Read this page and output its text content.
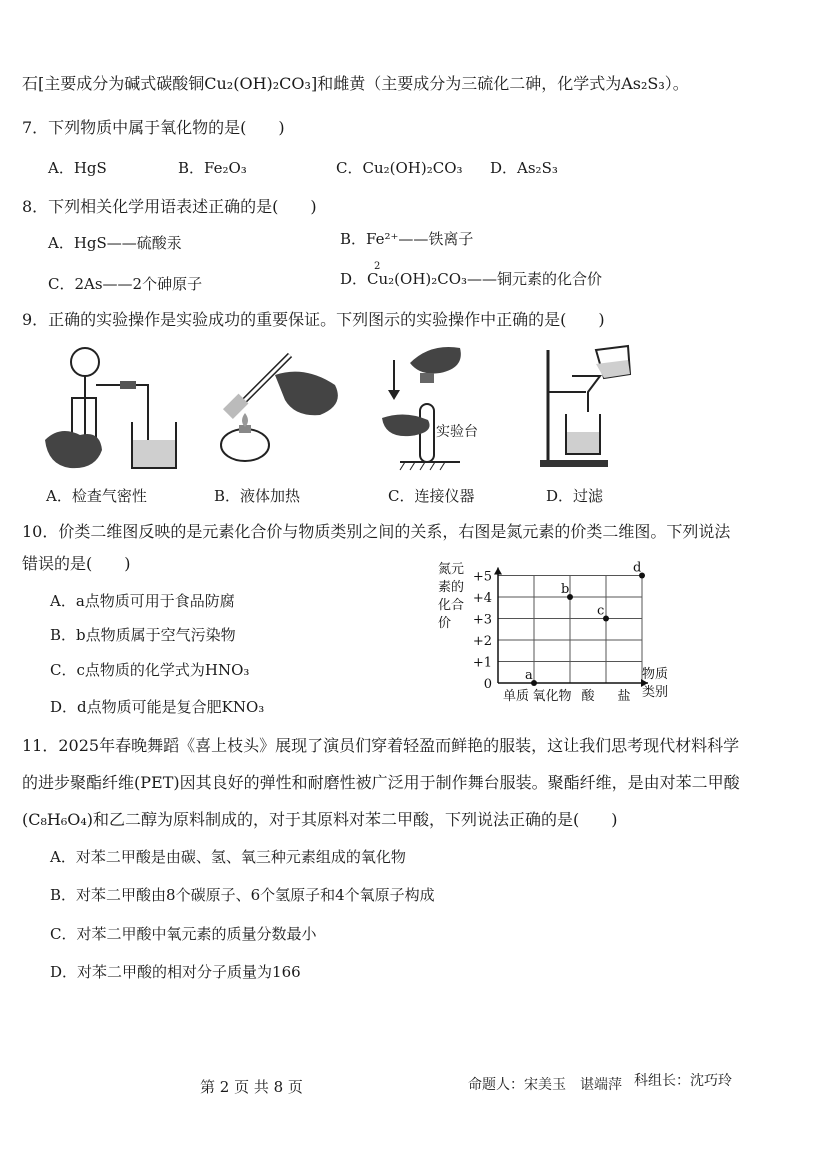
石[主要成分为碱式碳酸铜Cu₂(OH)₂CO₃]和雌黄（主要成分为三硫化二砷，化学式为As₂S₃）。
7．下列物质中属于氧化物的是(　　)
A．HgS	B．Fe₂O₃	C．Cu₂(OH)₂CO₃ D．As₂S₃
8．下列相关化学用语表述正确的是(　　)
A．HgS——硫酸汞	B．Fe²⁺——铁离子
C．2As——2个砷原子
2
D．Cu₂(OH)₂CO₃——铜元素的化合价
9．正确的实验操作是实验成功的重要保证。下列图示的实验操作中正确的是(　　)
A．检查气密性	B．液体加热
实验台
C．连接仪器	D．过滤
10．价类二维图反映的是元素化合价与物质类别之间的关系，右图是氮元素的价类二维图。下列说法
错误的是(　　)
A．a点物质可用于食品防腐
B．b点物质属于空气污染物
C．c点物质的化学式为HNO₃
D．d点物质可能是复合肥KNO₃
氮元
素的
化合
价
0
+1
+2
+3
+4
+5
单质 氧化物 酸 盐
a
b
c
d
物质
类别
11．2025年春晚舞蹈《喜上枝头》展现了演员们穿着轻盈而鲜艳的服装，这让我们思考现代材料科学
的进步聚酯纤维(PET)因其良好的弹性和耐磨性被广泛用于制作舞台服装。聚酯纤维，是由对苯二甲酸
(C₈H₆O₄)和乙二醇为原料制成的，对于其原料对苯二甲酸，下列说法正确的是(　　)
A．对苯二甲酸是由碳、氢、氧三种元素组成的氧化物
B．对苯二甲酸由8个碳原子、6个氢原子和4个氧原子构成
C．对苯二甲酸中氧元素的质量分数最小
D．对苯二甲酸的相对分子质量为166
第 2 页 共 8 页	命题人：宋美玉　谌端萍 科组长：沈巧玲
